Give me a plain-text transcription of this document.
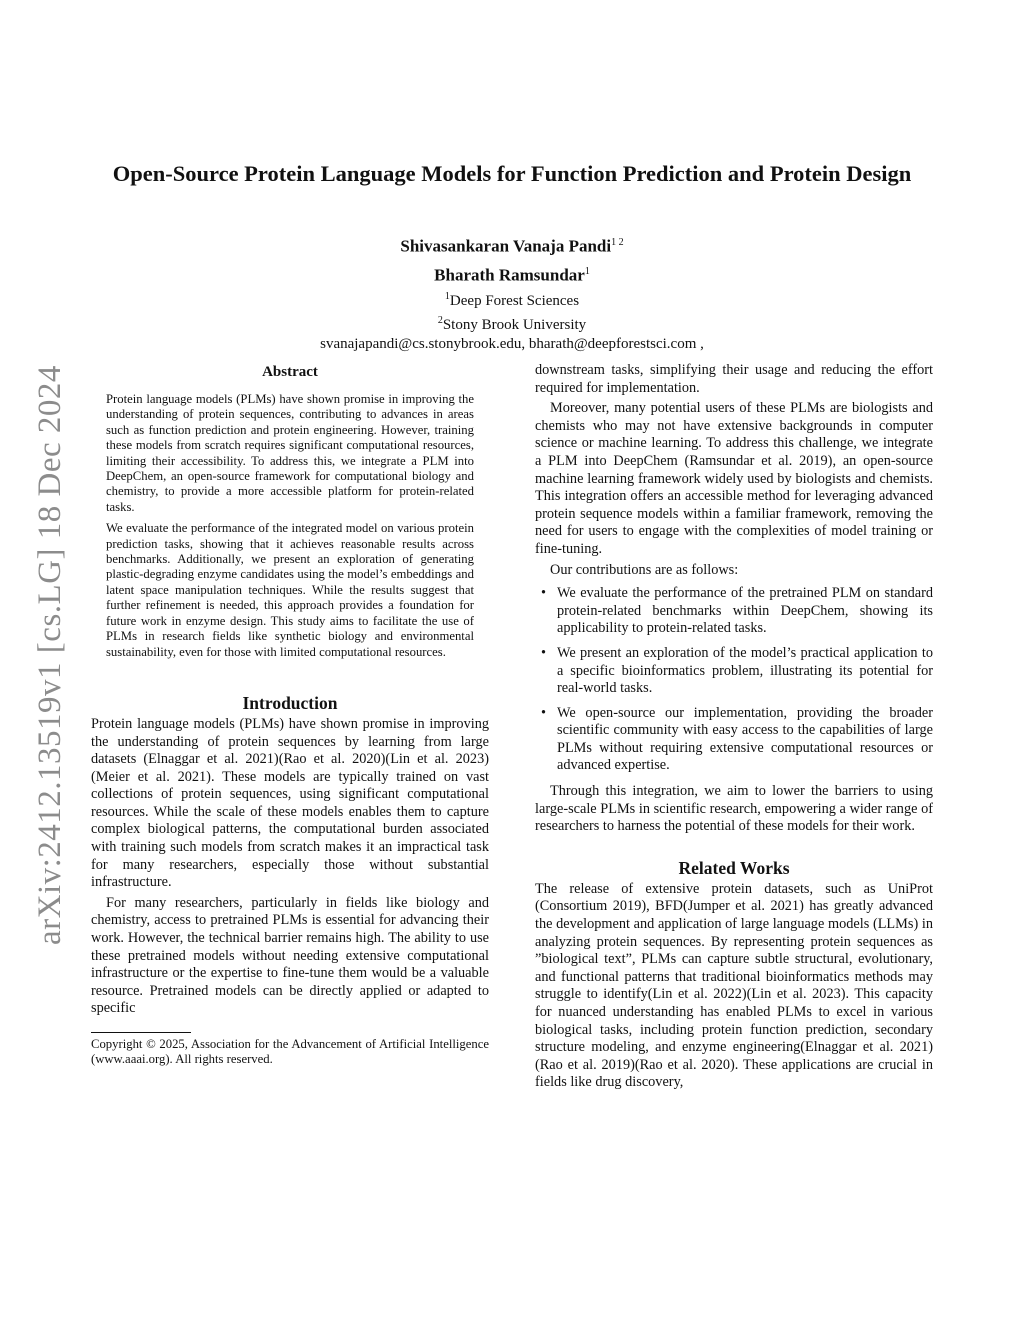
arXiv:2412.13519v1 [cs.LG] 18 Dec 2024
Open-Source Protein Language Models for Function Prediction and Protein Design
Shivasankaran Vanaja Pandi$^{1 2}$
Bharath Ramsundar$^1$
$^1$Deep Forest Sciences
$^2$Stony Brook University
svanajapandi@cs.stonybrook.edu, bharath@deepforestsci.com ,
Abstract

Protein language models (PLMs) have shown promise in improving the understanding of protein sequences, contributing to advances in areas such as function prediction and protein engineering. However, training these models from scratch requires significant computational resources, limiting their accessibility. To address this, we integrate a PLM into DeepChem, an open-source framework for computational biology and chemistry, to provide a more accessible platform for protein-related tasks.

We evaluate the performance of the integrated model on various protein prediction tasks, showing that it achieves reasonable results across benchmarks. Additionally, we present an exploration of generating plastic-degrading enzyme candidates using the model’s embeddings and latent space manipulation techniques. While the results suggest that further refinement is needed, this approach provides a foundation for future work in enzyme design. This study aims to facilitate the use of PLMs in research fields like synthetic biology and environmental sustainability, even for those with limited computational resources.

Introduction

Protein language models (PLMs) have shown promise in improving the understanding of protein sequences by learning from large datasets (Elnaggar et al. 2021)(Rao et al. 2020)(Lin et al. 2023)(Meier et al. 2021). These models are typically trained on vast collections of protein sequences, using significant computational resources. While the scale of these models enables them to capture complex biological patterns, the computational burden associated with training such models from scratch makes it an impractical task for many researchers, especially those without substantial infrastructure.

For many researchers, particularly in fields like biology and chemistry, access to pretrained PLMs is essential for advancing their work. However, the technical barrier remains high. The ability to use these pretrained models without needing extensive computational infrastructure or the expertise to fine-tune them would be a valuable resource. Pretrained models can be directly applied or adapted to specific

Copyright © 2025, Association for the Advancement of Artificial Intelligence (www.aaai.org). All rights reserved.

downstream tasks, simplifying their usage and reducing the effort required for implementation.

Moreover, many potential users of these PLMs are biologists and chemists who may not have extensive backgrounds in computer science or machine learning. To address this challenge, we integrate a PLM into DeepChem (Ramsundar et al. 2019), an open-source machine learning framework widely used by biologists and chemists. This integration offers an accessible method for leveraging advanced protein sequence models within a familiar framework, removing the need for users to engage with the complexities of model training or fine-tuning.

Our contributions are as follows:

• We evaluate the performance of the pretrained PLM on standard protein-related benchmarks within DeepChem, showing its applicability to protein-related tasks.
• We present an exploration of the model’s practical application to a specific bioinformatics problem, illustrating its potential for real-world tasks.
• We open-source our implementation, providing the broader scientific community with easy access to the capabilities of large PLMs without requiring extensive computational resources or advanced expertise.

Through this integration, we aim to lower the barriers to using large-scale PLMs in scientific research, empowering a wider range of researchers to harness the potential of these models for their work.

Related Works

The release of extensive protein datasets, such as UniProt (Consortium 2019), BFD(Jumper et al. 2021) has greatly advanced the development and application of large language models (LLMs) in analyzing protein sequences. By representing protein sequences as ”biological text”, PLMs can capture subtle structural, evolutionary, and functional patterns that traditional bioinformatics methods may struggle to identify(Lin et al. 2022)(Lin et al. 2023). This capacity for nuanced understanding has enabled PLMs to excel in various biological tasks, including protein function prediction, secondary structure modeling, and enzyme engineering(Elnaggar et al. 2021)(Rao et al. 2019)(Rao et al. 2020). These applications are crucial in fields like drug discovery,
